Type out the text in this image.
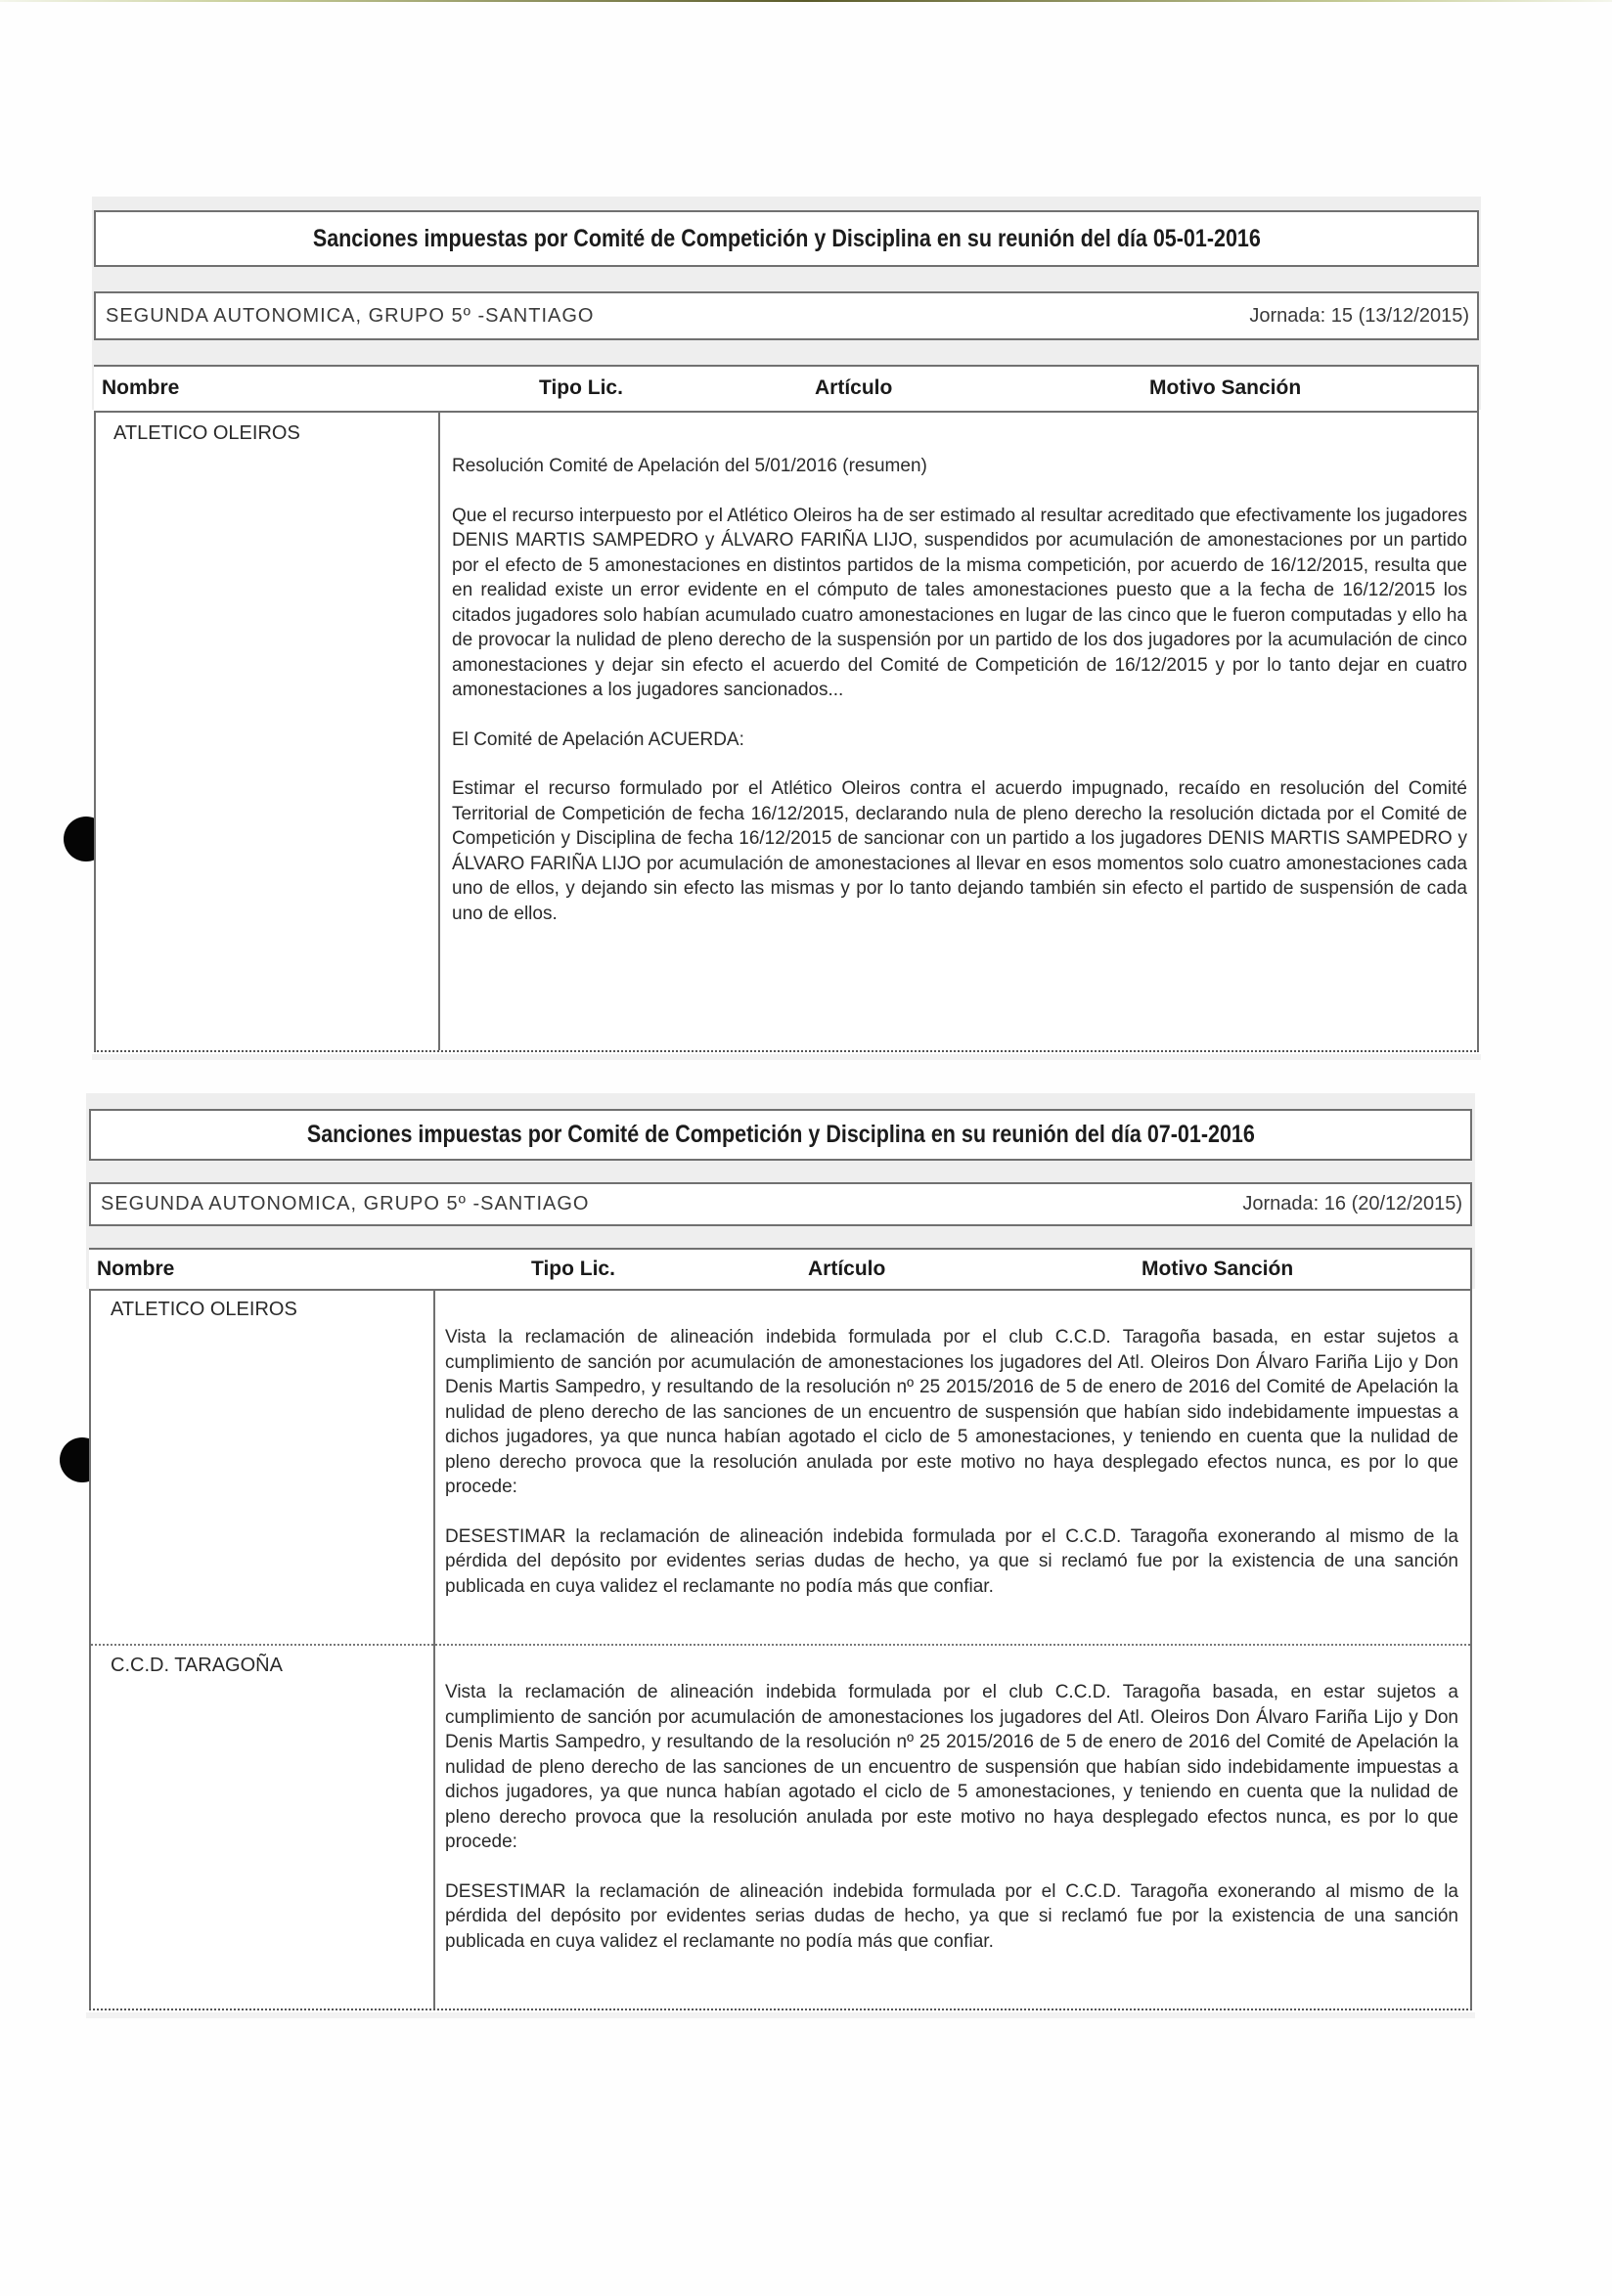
Sanciones impuestas por Comité de Competición y Disciplina en su reunión del día 05-01-2016
SEGUNDA AUTONOMICA, GRUPO 5º -SANTIAGO	Jornada: 15 (13/12/2015)
Nombre	Tipo Lic.	Artículo	Motivo Sanción
ATLETICO OLEIROS

Resolución Comité de Apelación del 5/01/2016 (resumen)

Que el recurso interpuesto por el Atlético Oleiros ha de ser estimado al resultar acreditado que efectivamente los jugadores DENIS MARTIS SAMPEDRO y ÁLVARO FARIÑA LIJO, suspendidos por acumulación de amonestaciones por un partido por el efecto de 5 amonestaciones en distintos partidos de la misma competición, por acuerdo de 16/12/2015, resulta que en realidad existe un error evidente en el cómputo de tales amonestaciones puesto que a la fecha de 16/12/2015 los citados jugadores solo habían acumulado cuatro amonestaciones en lugar de las cinco que le fueron computadas y ello ha de provocar la nulidad de pleno derecho de la suspensión por un partido de los dos jugadores por la acumulación de cinco amonestaciones y dejar sin efecto el acuerdo del Comité de Competición de 16/12/2015 y por lo tanto dejar en cuatro amonestaciones a los jugadores sancionados...

El Comité de Apelación ACUERDA:

Estimar el recurso formulado por el Atlético Oleiros contra el acuerdo impugnado, recaído en resolución del Comité Territorial de Competición de fecha 16/12/2015, declarando nula de pleno derecho la resolución dictada por el Comité de Competición y Disciplina de fecha 16/12/2015 de sancionar con un partido a los jugadores DENIS MARTIS SAMPEDRO y ÁLVARO FARIÑA LIJO por acumulación de amonestaciones al llevar en esos momentos solo cuatro amonestaciones cada uno de ellos, y dejando sin efecto las mismas y por lo tanto dejando también sin efecto el partido de suspensión de cada uno de ellos.

Sanciones impuestas por Comité de Competición y Disciplina en su reunión del día 07-01-2016
SEGUNDA AUTONOMICA, GRUPO 5º -SANTIAGO	Jornada: 16 (20/12/2015)
Nombre	Tipo Lic.	Artículo	Motivo Sanción
ATLETICO OLEIROS

Vista la reclamación de alineación indebida formulada por el club C.C.D. Taragoña basada, en estar sujetos a cumplimiento de sanción por acumulación de amonestaciones los jugadores del Atl. Oleiros Don Álvaro Fariña Lijo y Don Denis Martis Sampedro, y resultando de la resolución nº 25 2015/2016 de 5 de enero de 2016 del Comité de Apelación la nulidad de pleno derecho de las sanciones de un encuentro de suspensión que habían sido indebidamente impuestas a dichos jugadores, ya que nunca habían agotado el ciclo de 5 amonestaciones, y teniendo en cuenta que la nulidad de pleno derecho provoca que la resolución anulada por este motivo no haya desplegado efectos nunca, es por lo que procede:

DESESTIMAR la reclamación de alineación indebida formulada por el C.C.D. Taragoña exonerando al mismo de la pérdida del depósito por evidentes serias dudas de hecho, ya que si reclamó fue por la existencia de una sanción publicada en cuya validez el reclamante no podía más que confiar.

C.C.D. TARAGOÑA

Vista la reclamación de alineación indebida formulada por el club C.C.D. Taragoña basada, en estar sujetos a cumplimiento de sanción por acumulación de amonestaciones los jugadores del Atl. Oleiros Don Álvaro Fariña Lijo y Don Denis Martis Sampedro, y resultando de la resolución nº 25 2015/2016 de 5 de enero de 2016 del Comité de Apelación la nulidad de pleno derecho de las sanciones de un encuentro de suspensión que habían sido indebidamente impuestas a dichos jugadores, ya que nunca habían agotado el ciclo de 5 amonestaciones, y teniendo en cuenta que la nulidad de pleno derecho provoca que la resolución anulada por este motivo no haya desplegado efectos nunca, es por lo que procede:

DESESTIMAR la reclamación de alineación indebida formulada por el C.C.D. Taragoña exonerando al mismo de la pérdida del depósito por evidentes serias dudas de hecho, ya que si reclamó fue por la existencia de una sanción publicada en cuya validez el reclamante no podía más que confiar.
